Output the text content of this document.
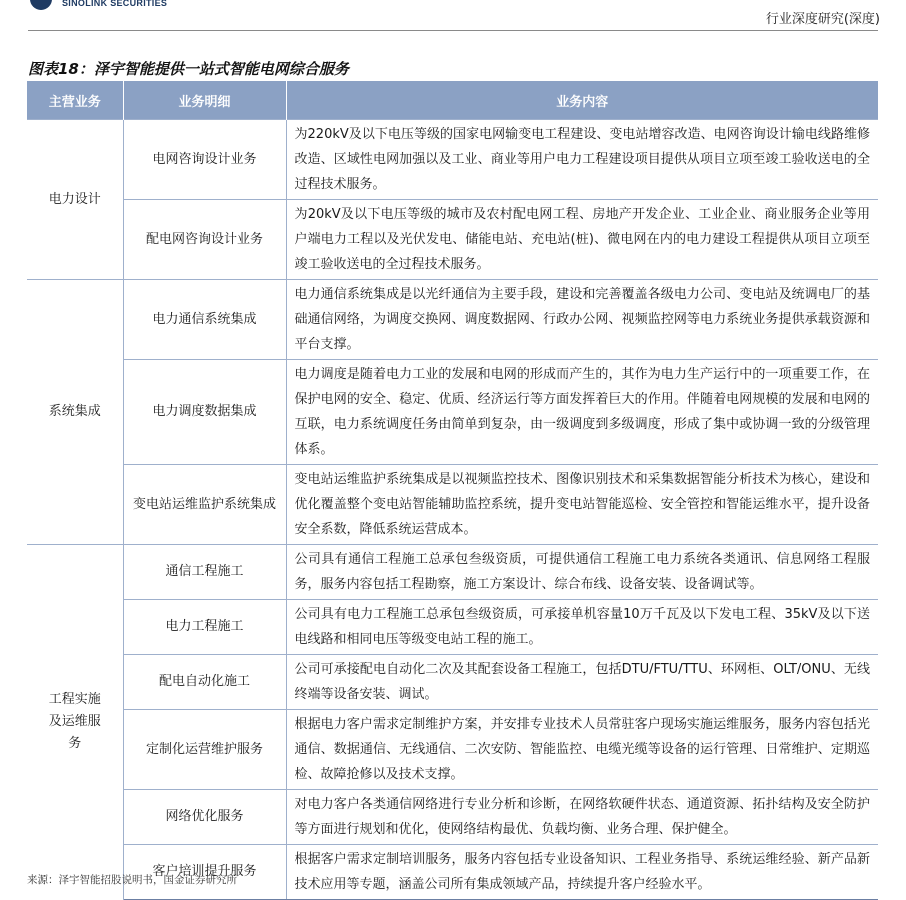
SINOLINK SECURITIES
行业深度研究(深度)
图表18：泽宇智能提供一站式智能电网综合服务
主营业务	业务明细	业务内容
电力设计	电网咨询设计业务	为220kV及以下电压等级的国家电网输变电工程建设、变电站增容改造、电网咨询设计输电线路维修改造、区域性电网加强以及工业、商业等用户电力工程建设项目提供从项目立项至竣工验收送电的全过程技术服务。
	配电网咨询设计业务	为20kV及以下电压等级的城市及农村配电网工程、房地产开发企业、工业企业、商业服务企业等用户端电力工程以及光伏发电、储能电站、充电站(桩)、微电网在内的电力建设工程提供从项目立项至竣工验收送电的全过程技术服务。
系统集成	电力通信系统集成	电力通信系统集成是以光纤通信为主要手段，建设和完善覆盖各级电力公司、变电站及统调电厂的基础通信网络，为调度交换网、调度数据网、行政办公网、视频监控网等电力系统业务提供承载资源和平台支撑。
	电力调度数据集成	电力调度是随着电力工业的发展和电网的形成而产生的，其作为电力生产运行中的一项重要工作，在保护电网的安全、稳定、优质、经济运行等方面发挥着巨大的作用。伴随着电网规模的发展和电网的互联，电力系统调度任务由简单到复杂，由一级调度到多级调度，形成了集中或协调一致的分级管理体系。
	变电站运维监护系统集成	变电站运维监护系统集成是以视频监控技术、图像识别技术和采集数据智能分析技术为核心，建设和优化覆盖整个变电站智能辅助监控系统，提升变电站智能巡检、安全管控和智能运维水平，提升设备安全系数，降低系统运营成本。
工程实施及运维服务	通信工程施工	公司具有通信工程施工总承包叁级资质，可提供通信工程施工电力系统各类通讯、信息网络工程服务，服务内容包括工程勘察，施工方案设计、综合布线、设备安装、设备调试等。
	电力工程施工	公司具有电力工程施工总承包叁级资质，可承接单机容量10万千瓦及以下发电工程、35kV及以下送电线路和相同电压等级变电站工程的施工。
	配电自动化施工	公司可承接配电自动化二次及其配套设备工程施工，包括DTU/FTU/TTU、环网柜、OLT/ONU、无线终端等设备安装、调试。
	定制化运营维护服务	根据电力客户需求定制维护方案，并安排专业技术人员常驻客户现场实施运维服务，服务内容包括光通信、数据通信、无线通信、二次安防、智能监控、电缆光缆等设备的运行管理、日常维护、定期巡检、故障抢修以及技术支撑。
	网络优化服务	对电力客户各类通信网络进行专业分析和诊断，在网络软硬件状态、通道资源、拓扑结构及安全防护等方面进行规划和优化，使网络结构最优、负载均衡、业务合理、保护健全。
	客户培训提升服务	根据客户需求定制培训服务，服务内容包括专业设备知识、工程业务指导、系统运维经验、新产品新技术应用等专题，涵盖公司所有集成领域产品，持续提升客户经验水平。
来源：泽宇智能招股说明书，国金证券研究所
